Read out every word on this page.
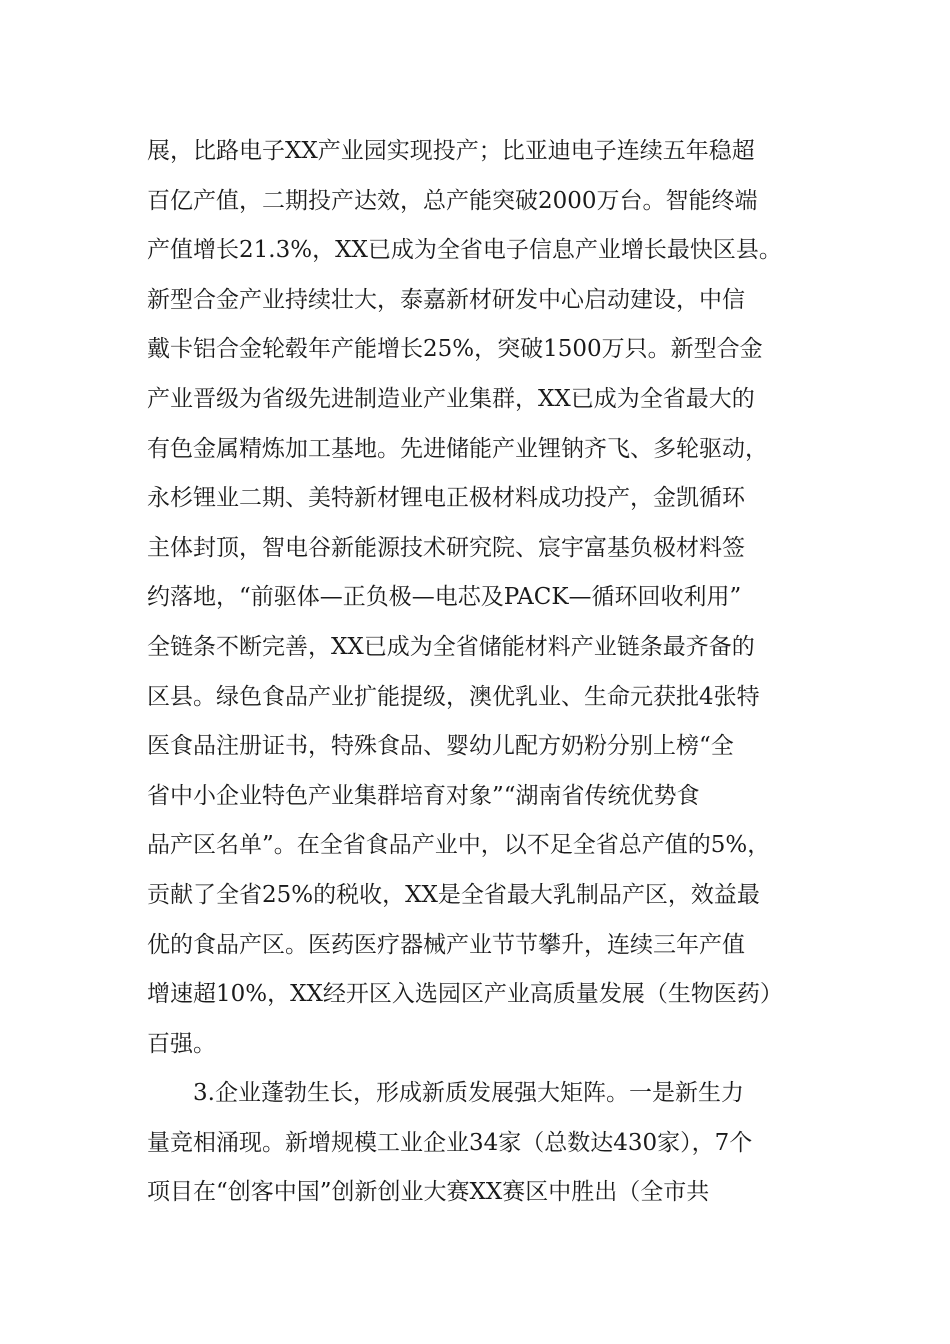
展，比路电子XX产业园实现投产；比亚迪电子连续五年稳超
百亿产值，二期投产达效，总产能突破2000万台。智能终端
产值增长21.3%，XX已成为全省电子信息产业增长最快区县。
新型合金产业持续壮大，泰嘉新材研发中心启动建设，中信
戴卡铝合金轮毂年产能增长25%，突破1500万只。新型合金
产业晋级为省级先进制造业产业集群，XX已成为全省最大的
有色金属精炼加工基地。先进储能产业锂钠齐飞、多轮驱动，
永杉锂业二期、美特新材锂电正极材料成功投产，金凯循环
主体封顶，智电谷新能源技术研究院、宸宇富基负极材料签
约落地，“前驱体—正负极—电芯及PACK—循环回收利用”
全链条不断完善，XX已成为全省储能材料产业链条最齐备的
区县。绿色食品产业扩能提级，澳优乳业、生命元获批4张特
医食品注册证书，特殊食品、婴幼儿配方奶粉分别上榜“全
省中小企业特色产业集群培育对象”“湖南省传统优势食
品产区名单”。在全省食品产业中，以不足全省总产值的5%，
贡献了全省25%的税收，XX是全省最大乳制品产区，效益最
优的食品产区。医药医疗器械产业节节攀升，连续三年产值
增速超10%，XX经开区入选园区产业高质量发展（生物医药）
百强。
3.企业蓬勃生长，形成新质发展强大矩阵。一是新生力
量竞相涌现。新增规模工业企业34家（总数达430家），7个
项目在“创客中国”创新创业大赛XX赛区中胜出（全市共
